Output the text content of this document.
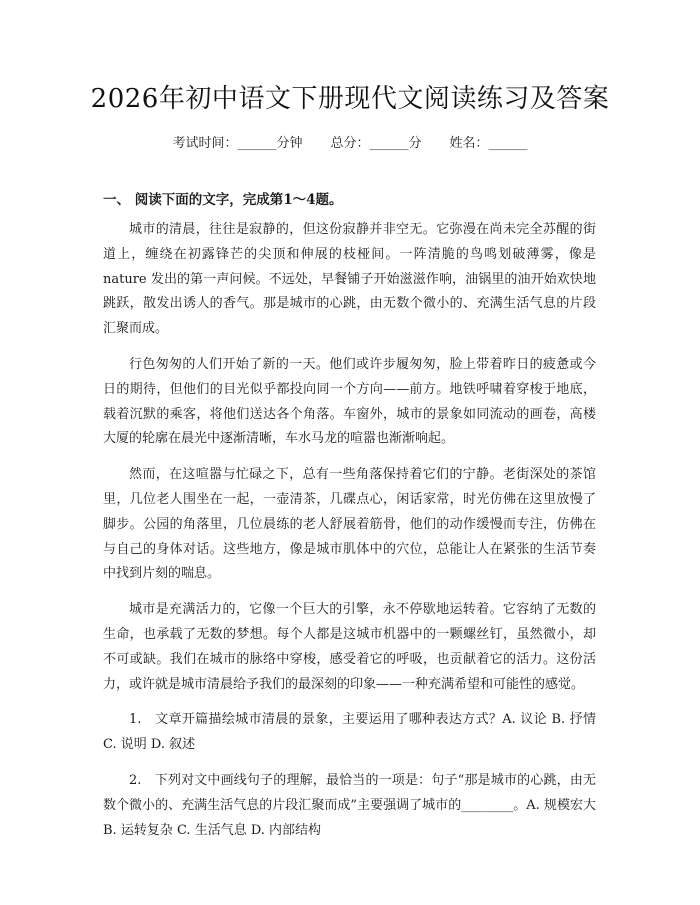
2026年初中语文下册现代文阅读练习及答案
考试时间：______分钟 总分：______分 姓名：______
一、 阅读下面的文字，完成第1～4题。

城市的清晨，往往是寂静的，但这份寂静并非空无。它弥漫在尚未完全苏醒的街道上，缠绕在初露锋芒的尖顶和伸展的枝桠间。一阵清脆的鸟鸣划破薄雾，像是nature 发出的第一声问候。不远处，早餐铺子开始滋滋作响，油锅里的油开始欢快地跳跃，散发出诱人的香气。那是城市的心跳，由无数个微小的、充满生活气息的片段汇聚而成。

行色匆匆的人们开始了新的一天。他们或许步履匆匆，脸上带着昨日的疲惫或今日的期待，但他们的目光似乎都投向同一个方向——前方。地铁呼啸着穿梭于地底，载着沉默的乘客，将他们送达各个角落。车窗外，城市的景象如同流动的画卷，高楼大厦的轮廓在晨光中逐渐清晰，车水马龙的喧嚣也渐渐响起。

然而，在这喧嚣与忙碌之下，总有一些角落保持着它们的宁静。老街深处的茶馆里，几位老人围坐在一起，一壶清茶，几碟点心，闲话家常，时光仿佛在这里放慢了脚步。公园的角落里，几位晨练的老人舒展着筋骨，他们的动作缓慢而专注，仿佛在与自己的身体对话。这些地方，像是城市肌体中的穴位，总能让人在紧张的生活节奏中找到片刻的喘息。

城市是充满活力的，它像一个巨大的引擎，永不停歇地运转着。它容纳了无数的生命，也承载了无数的梦想。每个人都是这城市机器中的一颗螺丝钉，虽然微小，却不可或缺。我们在城市的脉络中穿梭，感受着它的呼吸，也贡献着它的活力。这份活力，或许就是城市清晨给予我们的最深刻的印象——一种充满希望和可能性的感觉。

1.　文章开篇描绘城市清晨的景象，主要运用了哪种表达方式？A. 议论 B. 抒情 C. 说明 D. 叙述

2.　下列对文中画线句子的理解，最恰当的一项是：句子“那是城市的心跳，由无数个微小的、充满生活气息的片段汇聚而成”主要强调了城市的________。A. 规模宏大 B. 运转复杂 C. 生活气息 D. 内部结构
